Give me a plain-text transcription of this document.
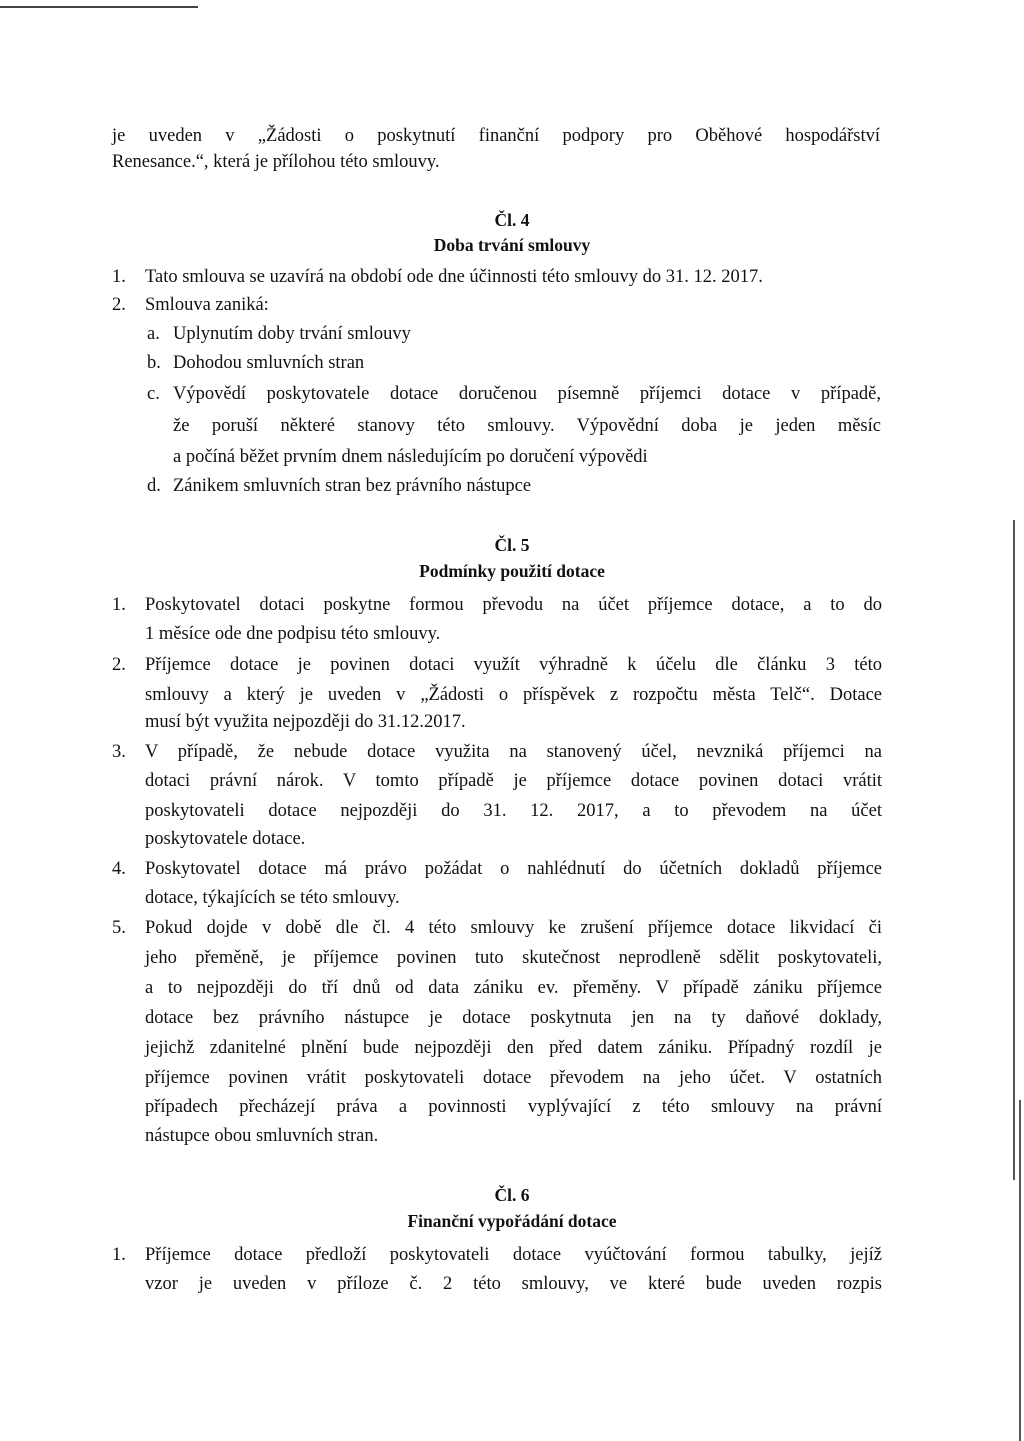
je uveden v „Žádosti o poskytnutí finanční podpory pro Oběhové hospodářství
Renesance.“, která je přílohou této smlouvy.
Čl. 4
Doba trvání smlouvy
1. Tato smlouva se uzavírá na období ode dne účinnosti této smlouvy do 31. 12. 2017.
2. Smlouva zaniká:
a. Uplynutím doby trvání smlouvy
b. Dohodou smluvních stran
c. Výpovědí poskytovatele dotace doručenou písemně příjemci dotace v případě,
že poruší některé stanovy této smlouvy. Výpovědní doba je jeden měsíc
a počíná běžet prvním dnem následujícím po doručení výpovědi
d. Zánikem smluvních stran bez právního nástupce
Čl. 5
Podmínky použití dotace
1. Poskytovatel dotaci poskytne formou převodu na účet příjemce dotace, a to do
1 měsíce ode dne podpisu této smlouvy.
2. Příjemce dotace je povinen dotaci využít výhradně k účelu dle článku 3 této
smlouvy a který je uveden v „Žádosti o příspěvek z rozpočtu města Telč“. Dotace
musí být využita nejpozději do 31.12.2017.
3. V případě, že nebude dotace využita na stanovený účel, nevzniká příjemci na
dotaci právní nárok. V tomto případě je příjemce dotace povinen dotaci vrátit
poskytovateli dotace nejpozději do 31. 12. 2017, a to převodem na účet
poskytovatele dotace.
4. Poskytovatel dotace má právo požádat o nahlédnutí do účetních dokladů příjemce
dotace, týkajících se této smlouvy.
5. Pokud dojde v době dle čl. 4 této smlouvy ke zrušení příjemce dotace likvidací či
jeho přeměně, je příjemce povinen tuto skutečnost neprodleně sdělit poskytovateli,
a to nejpozději do tří dnů od data zániku ev. přeměny. V případě zániku příjemce
dotace bez právního nástupce je dotace poskytnuta jen na ty daňové doklady,
jejichž zdanitelné plnění bude nejpozději den před datem zániku. Případný rozdíl je
příjemce povinen vrátit poskytovateli dotace převodem na jeho účet. V ostatních
případech přecházejí práva a povinnosti vyplývající z této smlouvy na právní
nástupce obou smluvních stran.
Čl. 6
Finanční vypořádání dotace
1. Příjemce dotace předloží poskytovateli dotace vyúčtování formou tabulky, jejíž
vzor je uveden v příloze č. 2 této smlouvy, ve které bude uveden rozpis
